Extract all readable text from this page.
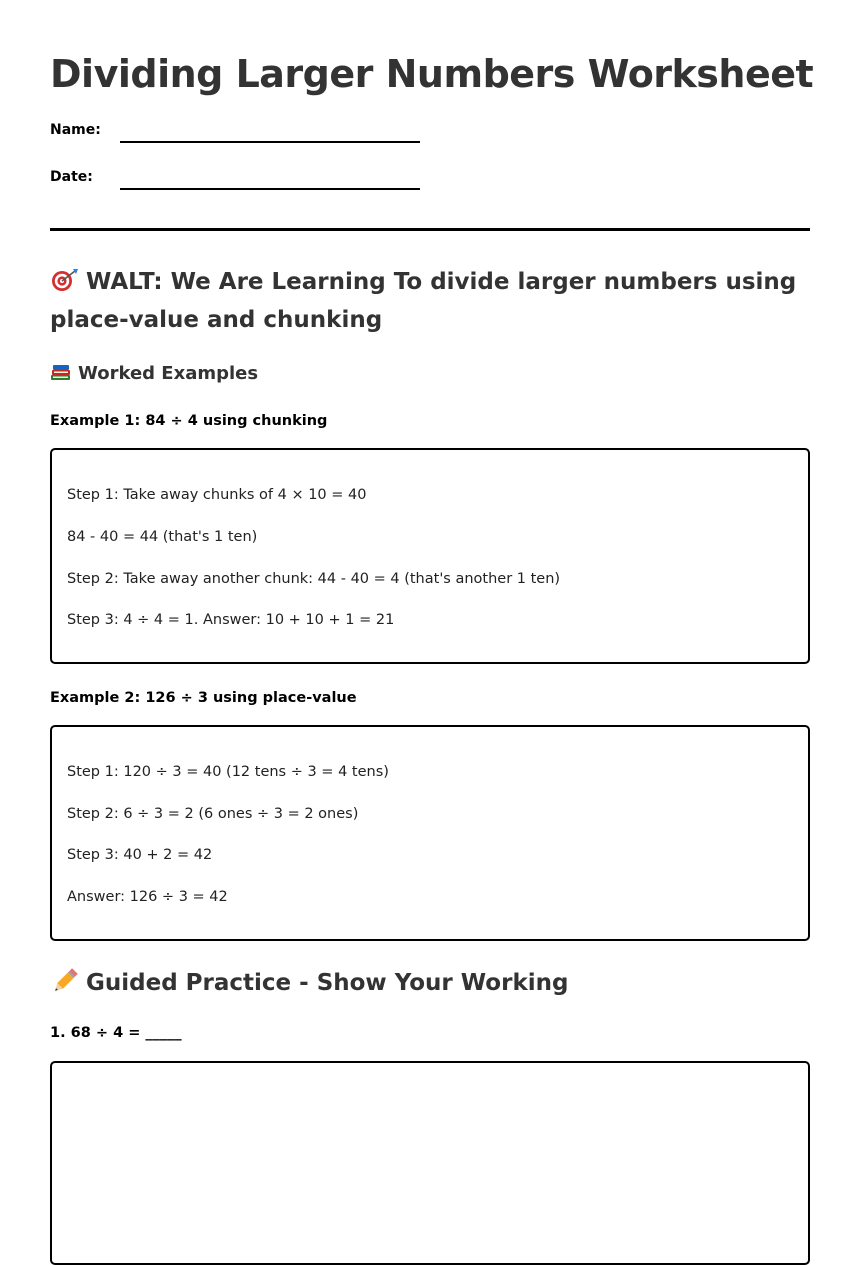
Dividing Larger Numbers Worksheet
Name:
Date:
WALT: We Are Learning To divide larger numbers using place-value and chunking
Worked Examples

Example 1: 84 ÷ 4 using chunking

Step 1: Take away chunks of 4 × 10 = 40
84 - 40 = 44 (that's 1 ten)
Step 2: Take away another chunk: 44 - 40 = 4 (that's another 1 ten)
Step 3: 4 ÷ 4 = 1. Answer: 10 + 10 + 1 = 21

Example 2: 126 ÷ 3 using place-value

Step 1: 120 ÷ 3 = 40 (12 tens ÷ 3 = 4 tens)
Step 2: 6 ÷ 3 = 2 (6 ones ÷ 3 = 2 ones)
Step 3: 40 + 2 = 42
Answer: 126 ÷ 3 = 42
Guided Practice - Show Your Working
1. 68 ÷ 4 = _____
